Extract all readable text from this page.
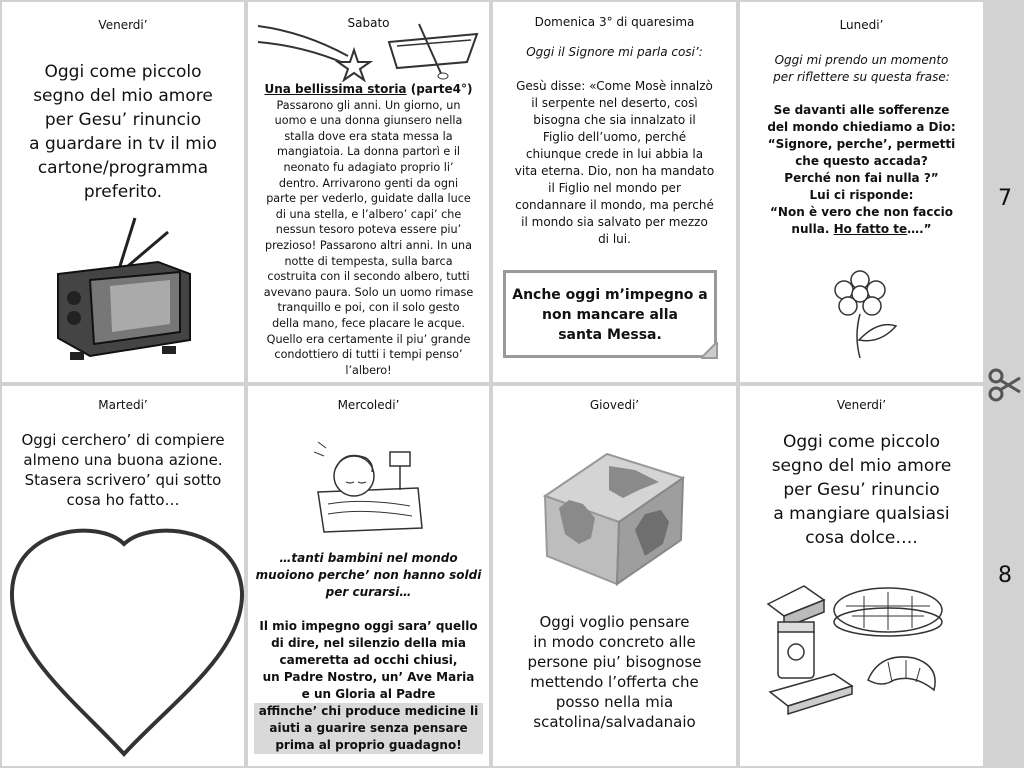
Venerdi’
Oggi come piccolo
segno del mio amore
per Gesu’ rinuncio
a guardare in tv il mio
cartone/programma
preferito.
Sabato
Una bellissima storia (parte4°)
Passarono gli anni. Un giorno, un
uomo e una donna giunsero nella
stalla dove era stata messa la
mangiatoia. La donna partorì e il
neonato fu adagiato proprio li’
dentro. Arrivarono genti da ogni
parte per vederlo, guidate dalla luce
di una stella, e l’albero’ capi’ che
nessun tesoro poteva essere piu’
prezioso! Passarono altri anni. In una
notte di tempesta, sulla barca
costruita con il secondo albero, tutti
avevano paura. Solo un uomo rimase
tranquillo e poi, con il solo gesto
della mano, fece placare le acque.
Quello era certamente il piu’ grande
condottiero di tutti i tempi penso’
l’albero!
Domenica 3° di quaresima
Oggi il Signore mi parla cosi’:
Gesù disse: «Come Mosè innalzò
il serpente nel deserto, così
bisogna che sia innalzato il
Figlio dell’uomo, perché
chiunque crede in lui abbia la
vita eterna. Dio, non ha mandato
il Figlio nel mondo per
condannare il mondo, ma perché
il mondo sia salvato per mezzo
di lui.
Anche oggi m’impegno a
non mancare alla
santa Messa.
Lunedi’
Oggi mi prendo un momento
per riflettere su questa frase:
Se davanti alle sofferenze
del mondo chiediamo a Dio:
“Signore, perche’, permetti
che questo accada?
Perché non fai nulla ?”
Lui ci risponde:
“Non è vero che non faccio
nulla. Ho fatto te….”
Martedi’
Oggi cerchero’ di compiere
almeno una buona azione.
Stasera scrivero’ qui sotto
cosa ho fatto…
Mercoledi’
…tanti bambini nel mondo
muoiono perche’ non hanno soldi
per curarsi…
Il mio impegno oggi sara’ quello
di dire, nel silenzio della mia
cameretta ad occhi chiusi,
un Padre Nostro, un’ Ave Maria
e un Gloria al Padre
affinche’ chi produce medicine li
aiuti a guarire senza pensare
prima al proprio guadagno!
Giovedi’
Oggi voglio pensare
in modo concreto alle
persone piu’ bisognose
mettendo l’offerta che
posso nella mia
scatolina/salvadanaio
Venerdi’
Oggi come piccolo
segno del mio amore
per Gesu’ rinuncio
a mangiare qualsiasi
cosa dolce….
7
8
